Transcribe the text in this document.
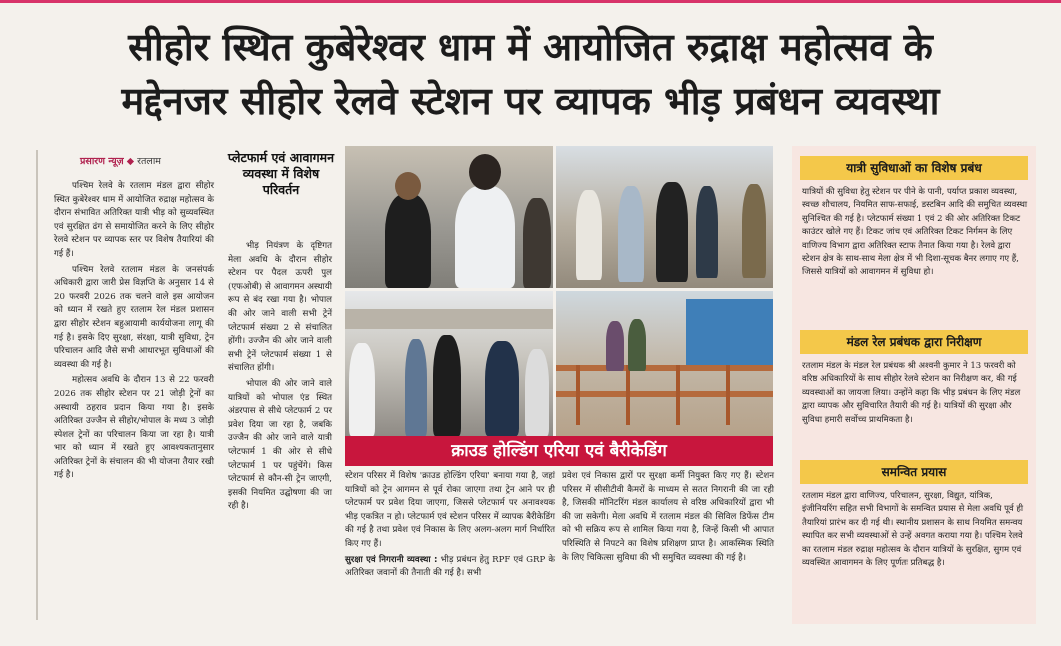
सीहोर स्थित कुबेरेश्वर धाम में आयोजित रुद्राक्ष महोत्सव के
मद्देनजर सीहोर रेलवे स्टेशन पर व्यापक भीड़ प्रबंधन व्यवस्था
प्रसारण न्यूज़ ◆ रतलाम

पश्चिम रेलवे के रतलाम मंडल द्वारा सीहोर स्थित कुबेरेश्वर धाम में आयोजित रुद्राक्ष महोत्सव के दौरान संभावित अतिरिक्त यात्री भीड़ को सुव्यवस्थित एवं सुरक्षित ढंग से समायोजित करने के लिए सीहोर रेलवे स्टेशन पर व्यापक स्तर पर विशेष तैयारियां की गई हैं।

पश्चिम रेलवे रतलाम मंडल के जनसंपर्क अधिकारी द्वारा जारी प्रेस विज्ञप्ति के अनुसार 14 से 20 फरवरी 2026 तक चलने वाले इस आयोजन को ध्यान में रखते हुए रतलाम रेल मंडल प्रशासन द्वारा सीहोर स्टेशन बहुआयामी कार्ययोजना लागू की गई है। इसके दिए सुरक्षा, संरक्षा, यात्री सुविधा, ट्रेन परिचालन आदि जैसे सभी आधारभूत सुविधाओं की व्यवस्था की गई है।

महोत्सव अवधि के दौरान 13 से 22 फरवरी 2026 तक सीहोर स्टेशन पर 21 जोड़ी ट्रेनों का अस्थायी ठहराव प्रदान किया गया है। इसके अतिरिक्त उज्जैन से सीहोर/भोपाल के मध्य 3 जोड़ी स्पेशल ट्रेनों का परिचालन किया जा रहा है। यात्री भार को ध्यान में रखते हुए आवश्यकतानुसार अतिरिक्त ट्रेनों के संचालन की भी योजना तैयार रखी गई है।

प्लेटफार्म एवं आवागमन व्यवस्था में विशेष परिवर्तन

भीड़ नियंत्रण के दृष्टिगत मेला अवधि के दौरान सीहोर स्टेशन पर पैदल ऊपरी पुल (एफओबी) से आवागमन अस्थायी रूप से बंद रखा गया है। भोपाल की ओर जाने वाली सभी ट्रेनें प्लेटफार्म संख्या 2 से संचालित होंगी। उज्जैन की ओर जाने वाली सभी ट्रेनें प्लेटफार्म संख्या 1 से संचालित होंगी।

भोपाल की ओर जाने वाले यात्रियों को भोपाल एंड स्थित अंडरपास से सीधे प्लेटफार्म 2 पर प्रवेश दिया जा रहा है, जबकि उज्जैन की ओर जाने वाले यात्री प्लेटफार्म 1 की ओर से सीधे प्लेटफार्म 1 पर पहुंचेंगे। किस प्लेटफार्म से कौन-सी ट्रेन जाएगी, इसकी नियमित उद्घोषणा की जा रही है।

क्राउड होल्डिंग एरिया एवं बैरीकेडिंग

स्टेशन परिसर में विशेष 'क्राउड होल्डिंग एरिया' बनाया गया है, जहां यात्रियों को ट्रेन आगमन से पूर्व रोका जाएगा तथा ट्रेन आने पर ही प्लेटफार्म पर प्रवेश दिया जाएगा, जिससे प्लेटफार्म पर अनावश्यक भीड़ एकत्रित न हो। प्लेटफार्म एवं स्टेशन परिसर में व्यापक बैरीकेडिंग की गई है तथा प्रवेश एवं निकास के लिए अलग-अलग मार्ग निर्धारित किए गए हैं।

सुरक्षा एवं निगरानी व्यवस्था : भीड़ प्रबंधन हेतु RPF एवं GRP के अतिरिक्त जवानों की तैनाती की गई है। सभी

प्रवेश एवं निकास द्वारों पर सुरक्षा कर्मी नियुक्त किए गए हैं। स्टेशन परिसर में सीसीटीवी कैमरों के माध्यम से सतत निगरानी की जा रही है, जिसकी मॉनिटरिंग मंडल कार्यालय से वरिष्ठ अधिकारियों द्वारा भी की जा सकेगी। मेला अवधि में रतलाम मंडल की सिविल डिफेंस टीम को भी सक्रिय रूप से शामिल किया गया है, जिन्हें किसी भी आपात परिस्थिति से निपटने का विशेष प्रशिक्षण प्राप्त है। आकस्मिक स्थिति के लिए चिकित्सा सुविधा की भी समुचित व्यवस्था की गई है।

यात्री सुविधाओं का विशेष प्रबंध
यात्रियों की सुविधा हेतु स्टेशन पर पीने के पानी, पर्याप्त प्रकाश व्यवस्था, स्वच्छ शौचालय, नियमित साफ-सफाई, डस्टबिन आदि की समुचित व्यवस्था सुनिश्चित की गई है। प्लेटफार्म संख्या 1 एवं 2 की ओर अतिरिक्त टिकट काउंटर खोले गए हैं। टिकट जांच एवं अतिरिक्त टिकट निर्गमन के लिए वाणिज्य विभाग द्वारा अतिरिक्त स्टाफ तैनात किया गया है। रेलवे द्वारा स्टेशन क्षेत्र के साथ-साथ मेला क्षेत्र में भी दिशा-सूचक बैनर लगाए गए हैं, जिससे यात्रियों को आवागमन में सुविधा हो।
मंडल रेल प्रबंधक द्वारा निरीक्षण
रतलाम मंडल के मंडल रेल प्रबंधक श्री अश्वनी कुमार ने 13 फरवरी को वरिष्ठ अधिकारियों के साथ सीहोर रेलवे स्टेशन का निरीक्षण कर, की गई व्यवस्थाओं का जायजा लिया। उन्होंने कहा कि भीड़ प्रबंधन के लिए मंडल द्वारा व्यापक और सुविचारित तैयारी की गई है। यात्रियों की सुरक्षा और सुविधा हमारी सर्वोच्च प्राथमिकता है।
समन्वित प्रयास
रतलाम मंडल द्वारा वाणिज्य, परिचालन, सुरक्षा, विद्युत, यांत्रिक, इंजीनियरिंग सहित सभी विभागों के समन्वित प्रयास से मेला अवधि पूर्व ही तैयारियां प्रारंभ कर दी गई थी। स्थानीय प्रशासन के साथ नियमित समन्वय स्थापित कर सभी व्यवस्थाओं से उन्हें अवगत कराया गया है। पश्चिम रेलवे का रतलाम मंडल रुद्राक्ष महोत्सव के दौरान यात्रियों के सुरक्षित, सुगम एवं व्यवस्थित आवागमन के लिए पूर्णतः प्रतिबद्ध है।
